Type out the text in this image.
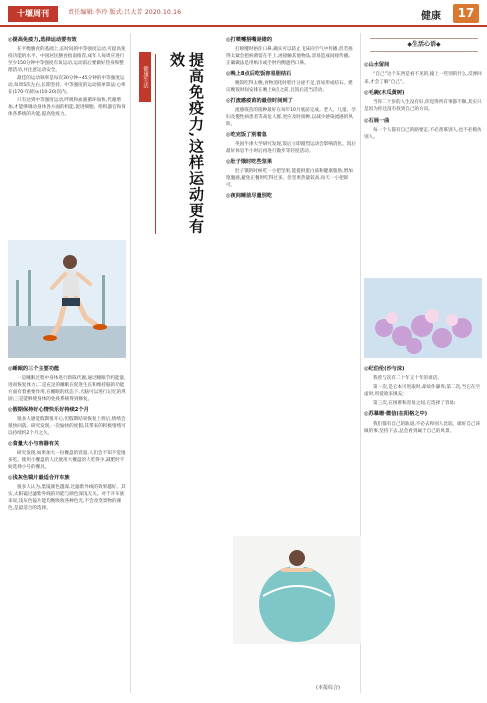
十堰周刊	责任编辑:李玲 版式:吕大芳 2020.10.16	健康	17
◎提高免疫力,选择运动要有效

在平衡膳食的基础上,长时间的中等强度运动,可提高免疫功能的水平。中国居民膳食指南推荐,成年人每周应进行至少150分钟中等强度有氧运动,运动前后要做好热身和整理活动,并注意运动安全。

最佳的运动频率是每次30分钟~45分钟的中等强度运动,每周5次左右,长期坚持。中等强度的运动简单算法:心率在(170-年龄)±(10-20)次内。

只有达到中等强度运动,呼吸和血液循环加快,代谢增加,才能够调动身体各方面的机能,促进细胞、组织器官和身体各系统的功能,提高免疫力。

◎睡眠的三个主要功能

一是睡眠过程中身体进行新陈代谢,通过睡眠节约能量,进而恢复体力;二是充足的睡眠在促进生长和维持脑的功能方面有着重要作用,在睡眠的状态下,大脑可以进行记忆的巩固;三是能够使身体的免疫系统得到修复。

◎假期保持好心情快乐好持续2个月

很多人感觉假期很开心,但假期结束恢复上班后,情绪会很快回落。研究发现,一次愉快的度假,其带来的积极情绪可以持续约2个月之久。

◎食量大小与容器有关

研究发现,如果加大一份餐盘的容量,人们会不知不觉地多吃。使用小餐盘的人比使用大餐盘的人吃得少,减肥时不妨选择小号的餐具。

◎浅灰色镜片最适合开车族

很多人认为,墨镜颜色越深,过滤紫外线的效果越好。其实,太阳镜过滤紫外线的功能与颜色深浅无关。对于开车族来说,浅灰色镜片能均衡吸收各种色光,不会改变景物的颜色,是最适合的选择。

健康生活	提高免疫力,这样运动更有效
◎打喷嚏捂嘴是错的

打喷嚏时捂住口鼻,确实可以防止飞沫向空气中传播,但若捂得太紧会把病菌留在手上,再接触其他物品,容易造成间接传播。正确做法是用纸巾或手肘内侧遮挡口鼻。

◎晚上8点后吃饭容易胆结石

晚饭吃得太晚,食物消化时胆汁分泌不足,容易形成结石。建议晚饭时间安排在晚上8点之前,且饭后适当活动。

◎打流感疫苗的最佳时间到了

流感疫苗的接种最好在每年10月底前完成。老人、儿童、孕妇及慢性病患者等高危人群,更应及时接种,以减少感染流感的风险。

◎吃完饭了别着急

英国牛津大学研究发现,饭后立即剧烈运动会影响消化。饭后最好休息半小时后再进行散步等轻度活动。

◎肚子饿时吃些坚果

肚子饿的时候吃一小把坚果,能提供蛋白质和健康脂肪,增加饱腹感,避免正餐时吃得过多。但坚果热量较高,每天一小把即可。

◎夜间睡前尽量别吃
◆生活心语◆
◎山水留间

“自己”这个东西是看不见的,撞上一些别的什么,反弹回来,才会了解“自己”。

◎毛豌(木瓜黄树)

当你二十岁的人生没有好,你觉得所有事都不顺,其实只是因为你还没有找到自己的方向。

◎石展一曲

每一个人都有自己的路要走,不必羡慕别人,也不必模仿别人。

◎纪伯伦(沙与沫)

我曾与次有二十年又十年的谈话。

第一次,是它本可进取时,却故作谦卑;第二次,当它在空虚时,用爱欲来填充;

第三次,在困难和容易之间,它选择了容易;

◎苏慕珊·微信(在阳格之中)

我们都有自己的轨道,不必去和别人比较。做好自己该做的事,坚持下去,总会看到属于自己的风景。

(本报综合)
